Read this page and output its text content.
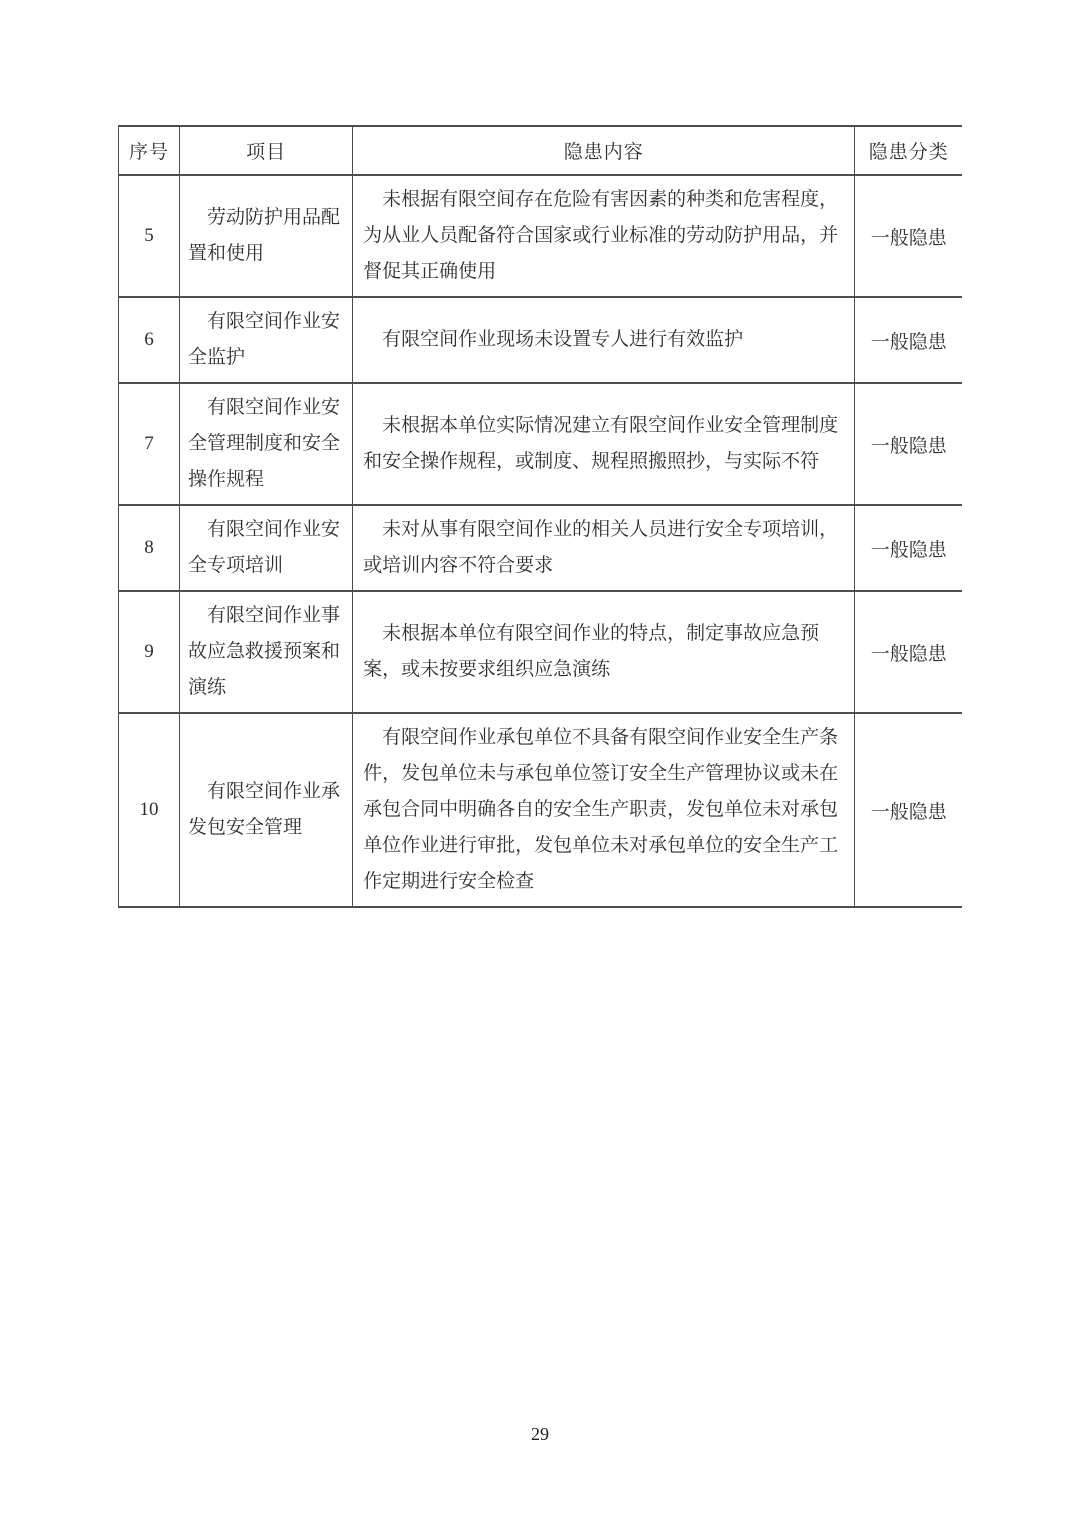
序号	项目	隐患内容	隐患分类
5	劳动防护用品配置和使用	未根据有限空间存在危险有害因素的种类和危害程度，为从业人员配备符合国家或行业标准的劳动防护用品，并督促其正确使用	一般隐患
6	有限空间作业安全监护	有限空间作业现场未设置专人进行有效监护	一般隐患
7	有限空间作业安全管理制度和安全操作规程	未根据本单位实际情况建立有限空间作业安全管理制度和安全操作规程，或制度、规程照搬照抄，与实际不符	一般隐患
8	有限空间作业安全专项培训	未对从事有限空间作业的相关人员进行安全专项培训，或培训内容不符合要求	一般隐患
9	有限空间作业事故应急救援预案和演练	未根据本单位有限空间作业的特点，制定事故应急预案，或未按要求组织应急演练	一般隐患
10	有限空间作业承发包安全管理	有限空间作业承包单位不具备有限空间作业安全生产条件，发包单位未与承包单位签订安全生产管理协议或未在承包合同中明确各自的安全生产职责，发包单位未对承包单位作业进行审批，发包单位未对承包单位的安全生产工作定期进行安全检查	一般隐患
29
